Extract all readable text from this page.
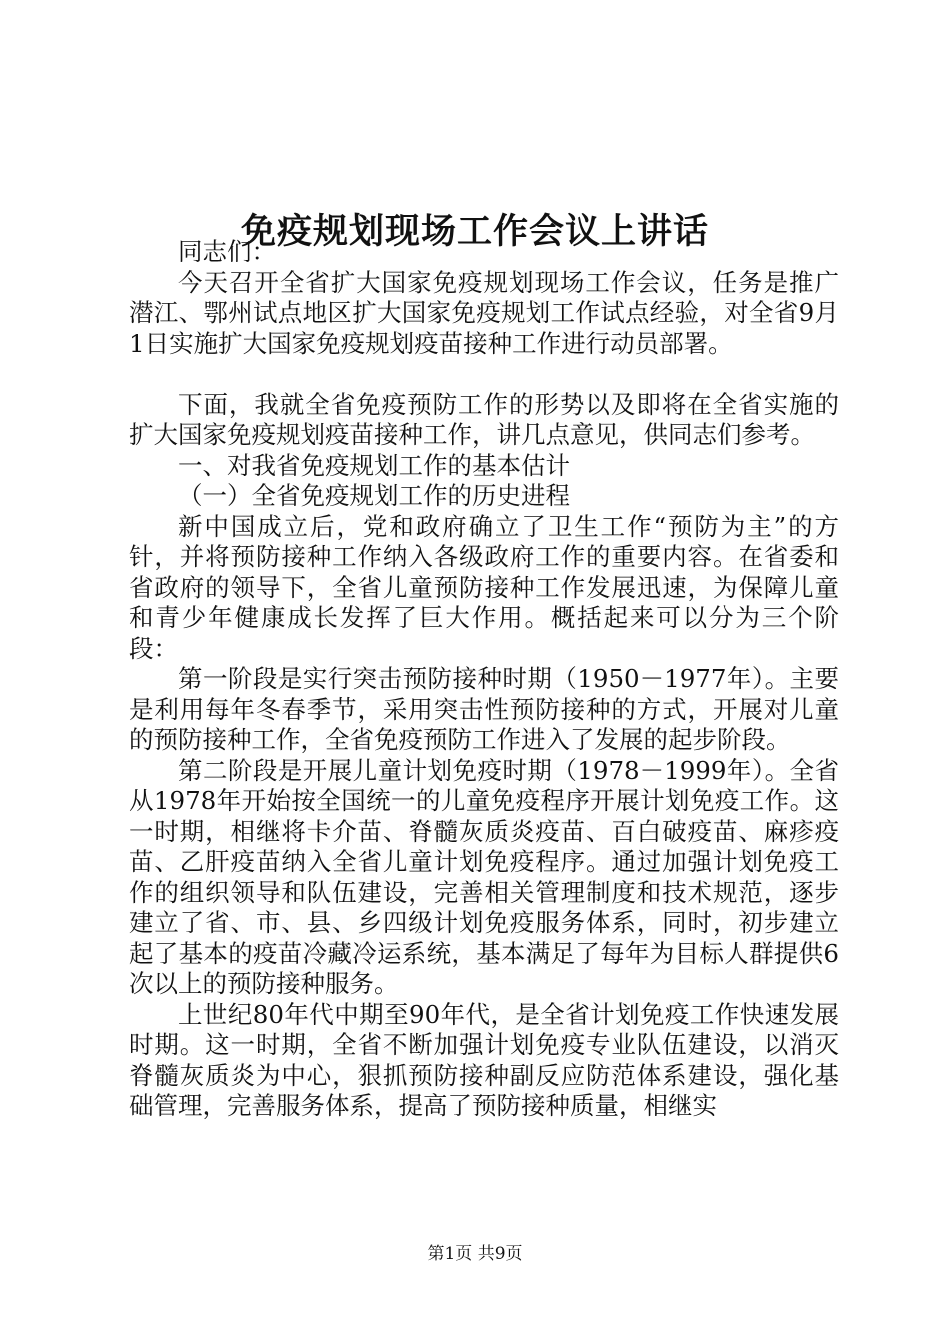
免疫规划现场工作会议上讲话

同志们：

今天召开全省扩大国家免疫规划现场工作会议，任务是推广潜江、鄂州试点地区扩大国家免疫规划工作试点经验，对全省9月1日实施扩大国家免疫规划疫苗接种工作进行动员部署。

下面，我就全省免疫预防工作的形势以及即将在全省实施的扩大国家免疫规划疫苗接种工作，讲几点意见，供同志们参考。

一、对我省免疫规划工作的基本估计

（一）全省免疫规划工作的历史进程

新中国成立后，党和政府确立了卫生工作“预防为主”的方针，并将预防接种工作纳入各级政府工作的重要内容。在省委和省政府的领导下，全省儿童预防接种工作发展迅速，为保障儿童和青少年健康成长发挥了巨大作用。概括起来可以分为三个阶段：

第一阶段是实行突击预防接种时期（1950－1977年）。主要是利用每年冬春季节，采用突击性预防接种的方式，开展对儿童的预防接种工作，全省免疫预防工作进入了发展的起步阶段。

第二阶段是开展儿童计划免疫时期（1978－1999年）。全省从1978年开始按全国统一的儿童免疫程序开展计划免疫工作。这一时期，相继将卡介苗、脊髓灰质炎疫苗、百白破疫苗、麻疹疫苗、乙肝疫苗纳入全省儿童计划免疫程序。通过加强计划免疫工作的组织领导和队伍建设，完善相关管理制度和技术规范，逐步建立了省、市、县、乡四级计划免疫服务体系，同时，初步建立起了基本的疫苗冷藏冷运系统，基本满足了每年为目标人群提供6次以上的预防接种服务。

上世纪80年代中期至90年代，是全省计划免疫工作快速发展时期。这一时期，全省不断加强计划免疫专业队伍建设，以消灭脊髓灰质炎为中心，狠抓预防接种副反应防范体系建设，强化基础管理，完善服务体系，提高了预防接种质量，相继实

第1页 共9页
